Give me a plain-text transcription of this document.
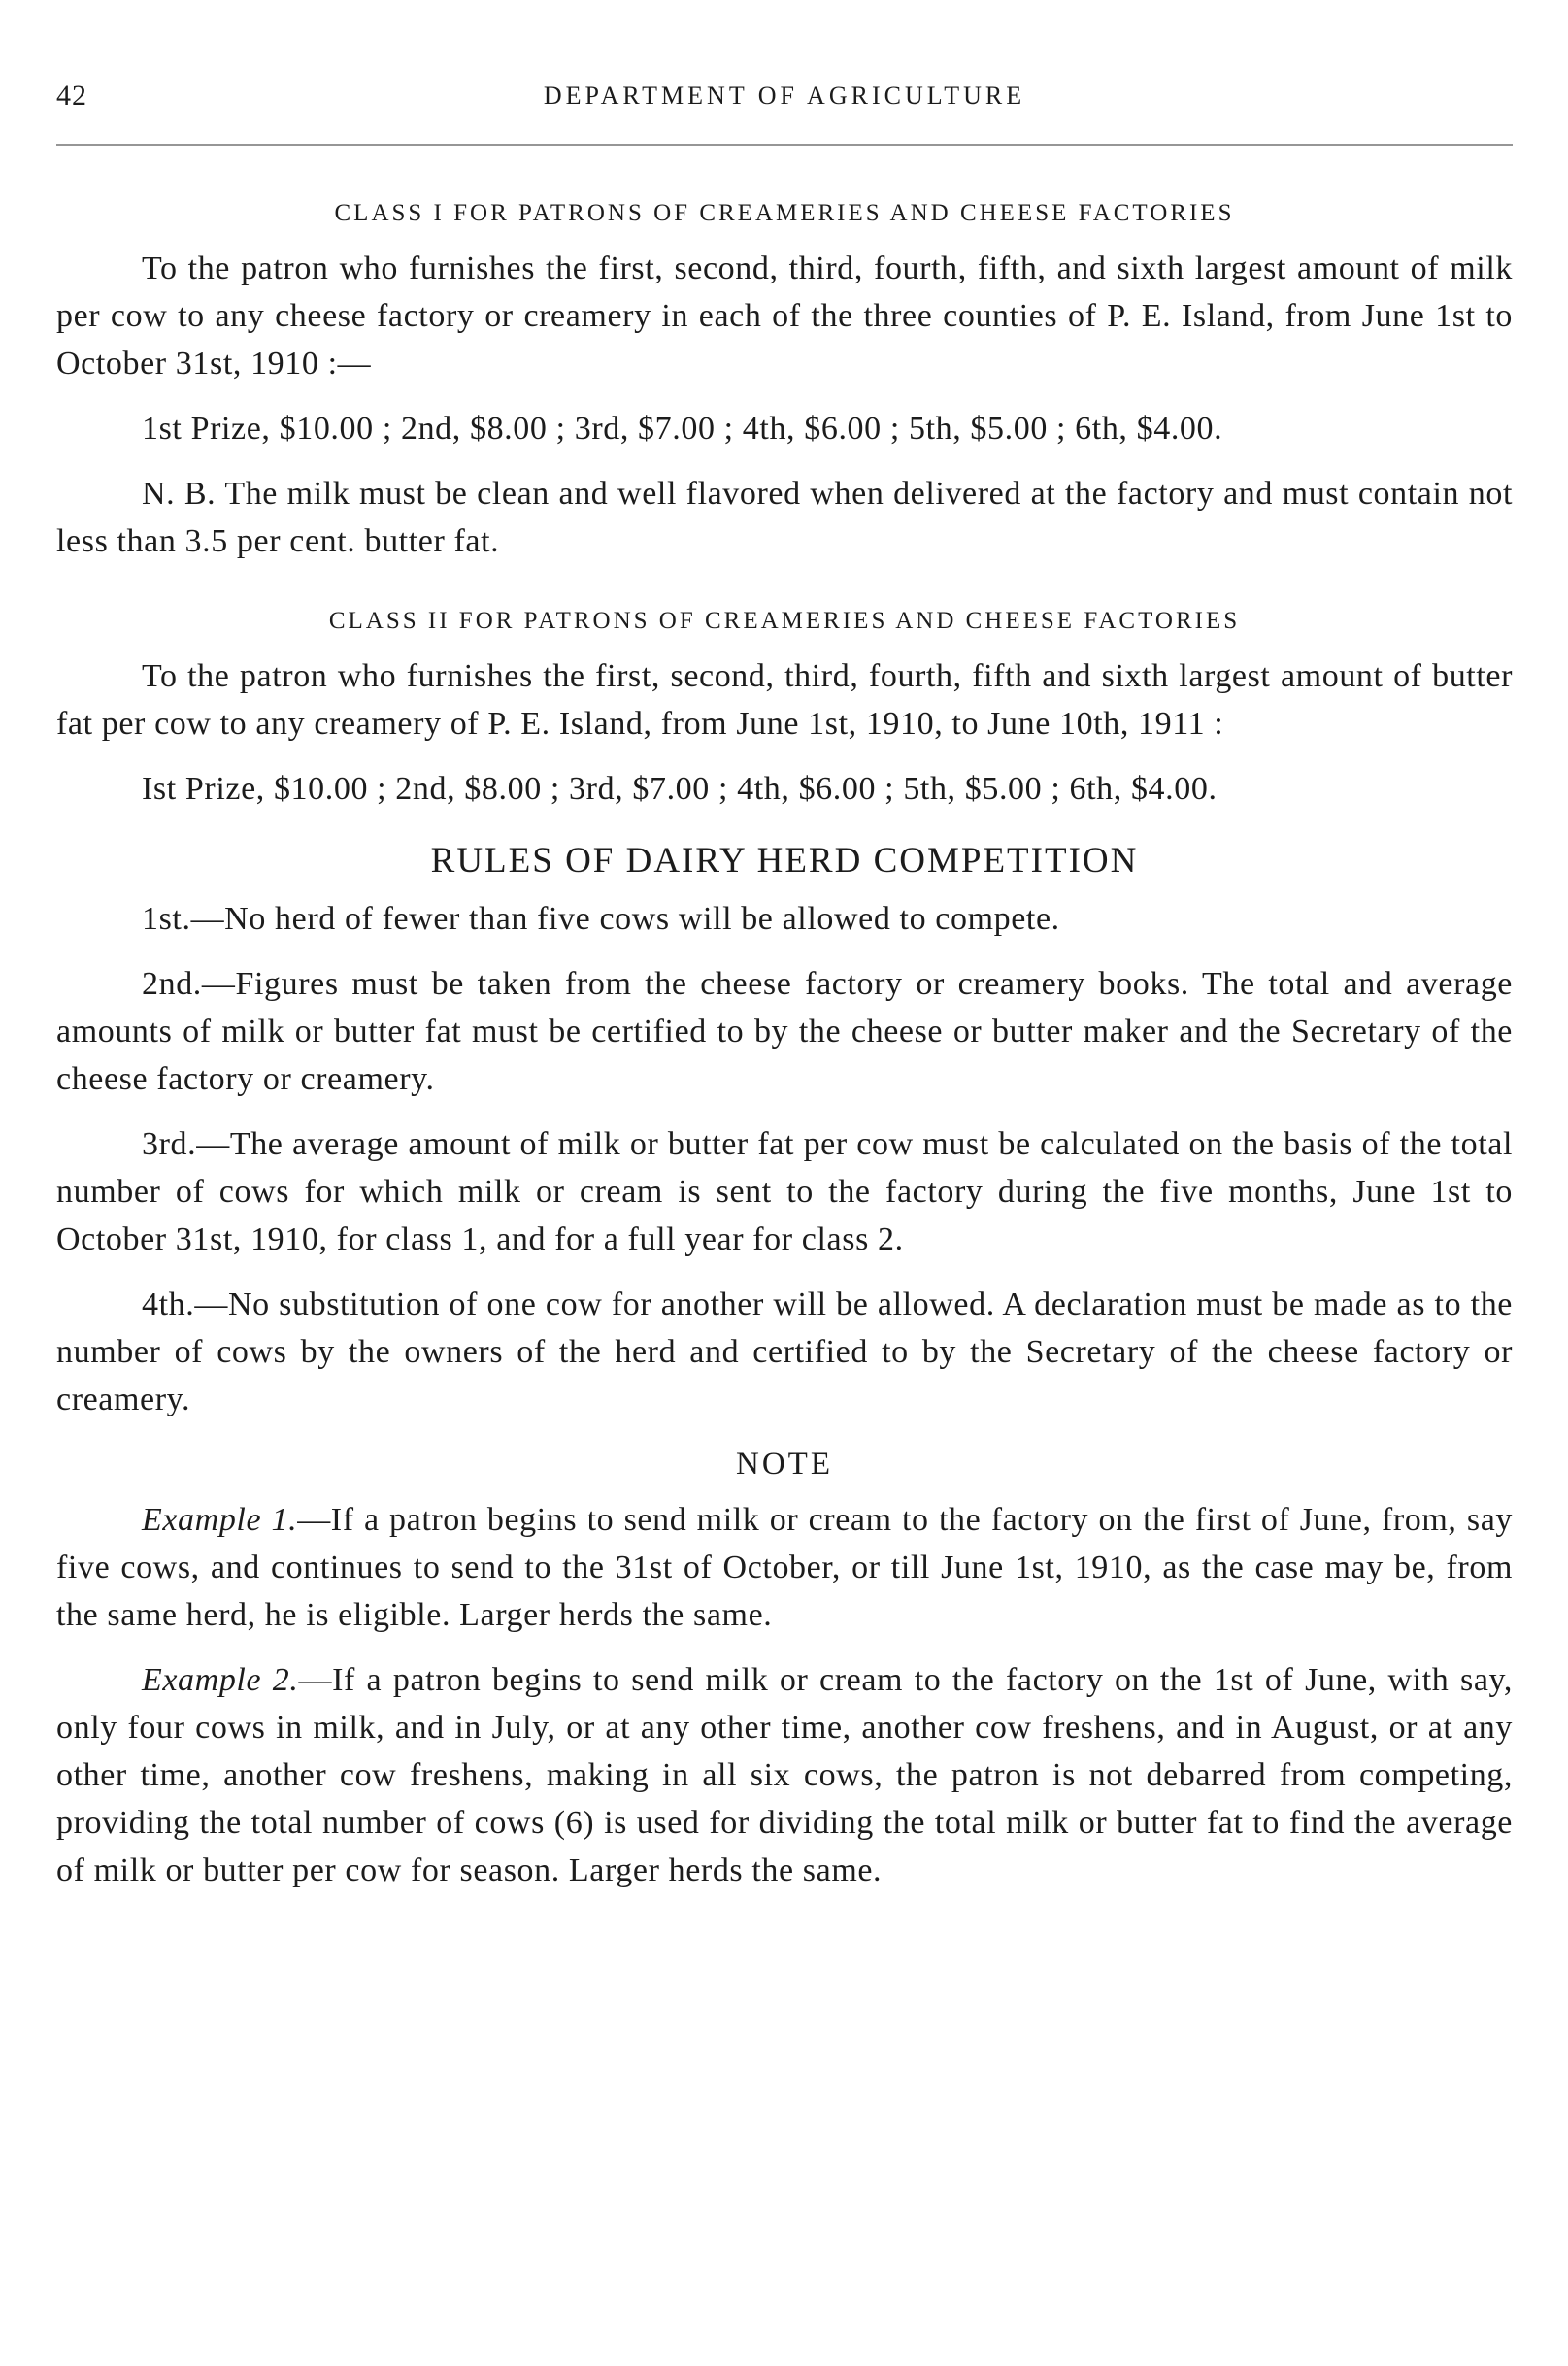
42	DEPARTMENT OF AGRICULTURE
CLASS I FOR PATRONS OF CREAMERIES AND CHEESE FACTORIES

To the patron who furnishes the first, second, third, fourth, fifth, and sixth largest amount of milk per cow to any cheese factory or creamery in each of the three counties of P. E. Island, from June 1st to October 31st, 1910 :—

1st Prize, $10.00 ; 2nd, $8.00 ; 3rd, $7.00 ; 4th, $6.00 ; 5th, $5.00 ; 6th, $4.00.

N. B. The milk must be clean and well flavored when delivered at the factory and must contain not less than 3.5 per cent. butter fat.

CLASS II FOR PATRONS OF CREAMERIES AND CHEESE FACTORIES

To the patron who furnishes the first, second, third, fourth, fifth and sixth largest amount of butter fat per cow to any creamery of P. E. Island, from June 1st, 1910, to June 10th, 1911 :

Ist Prize, $10.00 ; 2nd, $8.00 ; 3rd, $7.00 ; 4th, $6.00 ; 5th, $5.00 ; 6th, $4.00.

RULES OF DAIRY HERD COMPETITION

1st.—No herd of fewer than five cows will be allowed to compete.

2nd.—Figures must be taken from the cheese factory or creamery books. The total and average amounts of milk or butter fat must be certified to by the cheese or butter maker and the Secretary of the cheese factory or creamery.

3rd.—The average amount of milk or butter fat per cow must be calculated on the basis of the total number of cows for which milk or cream is sent to the factory during the five months, June 1st to October 31st, 1910, for class 1, and for a full year for class 2.

4th.—No substitution of one cow for another will be allowed. A declaration must be made as to the number of cows by the owners of the herd and certified to by the Secretary of the cheese factory or creamery.

NOTE

Example 1.—If a patron begins to send milk or cream to the factory on the first of June, from, say five cows, and continues to send to the 31st of October, or till June 1st, 1910, as the case may be, from the same herd, he is eligible. Larger herds the same.

Example 2.—If a patron begins to send milk or cream to the factory on the 1st of June, with say, only four cows in milk, and in July, or at any other time, another cow freshens, and in August, or at any other time, another cow freshens, making in all six cows, the patron is not debarred from competing, providing the total number of cows (6) is used for dividing the total milk or butter fat to find the average of milk or butter per cow for season. Larger herds the same.
